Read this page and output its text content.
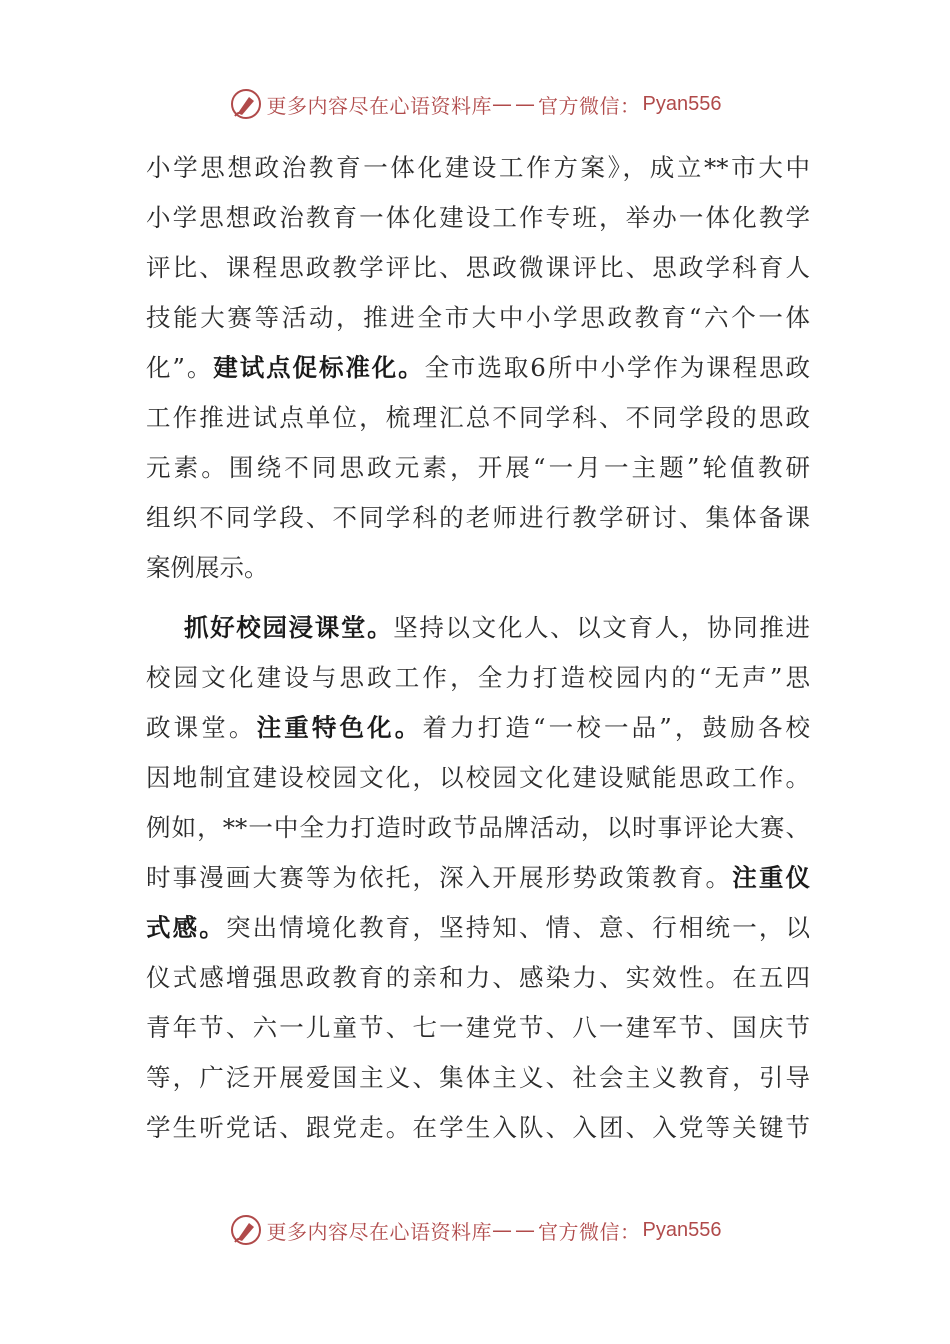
更多内容尽在心语资料库 —— 官方微信： Pyan556
小学思想政治教育一体化建设工作方案》，成立**市大中
小学思想政治教育一体化建设工作专班，举办一体化教学
评比、课程思政教学评比、思政微课评比、思政学科育人
技能大赛等活动，推进全市大中小学思政教育“六个一体
化”。建试点促标准化。全市选取6所中小学作为课程思政
工作推进试点单位，梳理汇总不同学科、不同学段的思政
元素。围绕不同思政元素，开展“一月一主题”轮值教研
组织不同学段、不同学科的老师进行教学研讨、集体备课
案例展示。
抓好校园浸课堂。坚持以文化人、以文育人，协同推进
校园文化建设与思政工作，全力打造校园内的“无声”思
政课堂。注重特色化。着力打造“一校一品”，鼓励各校
因地制宜建设校园文化，以校园文化建设赋能思政工作。
例如，**一中全力打造时政节品牌活动，以时事评论大赛、
时事漫画大赛等为依托，深入开展形势政策教育。注重仪
式感。突出情境化教育，坚持知、情、意、行相统一，以
仪式感增强思政教育的亲和力、感染力、实效性。在五四
青年节、六一儿童节、七一建党节、八一建军节、国庆节
等，广泛开展爱国主义、集体主义、社会主义教育，引导
学生听党话、跟党走。在学生入队、入团、入党等关键节
更多内容尽在心语资料库 —— 官方微信： Pyan556
